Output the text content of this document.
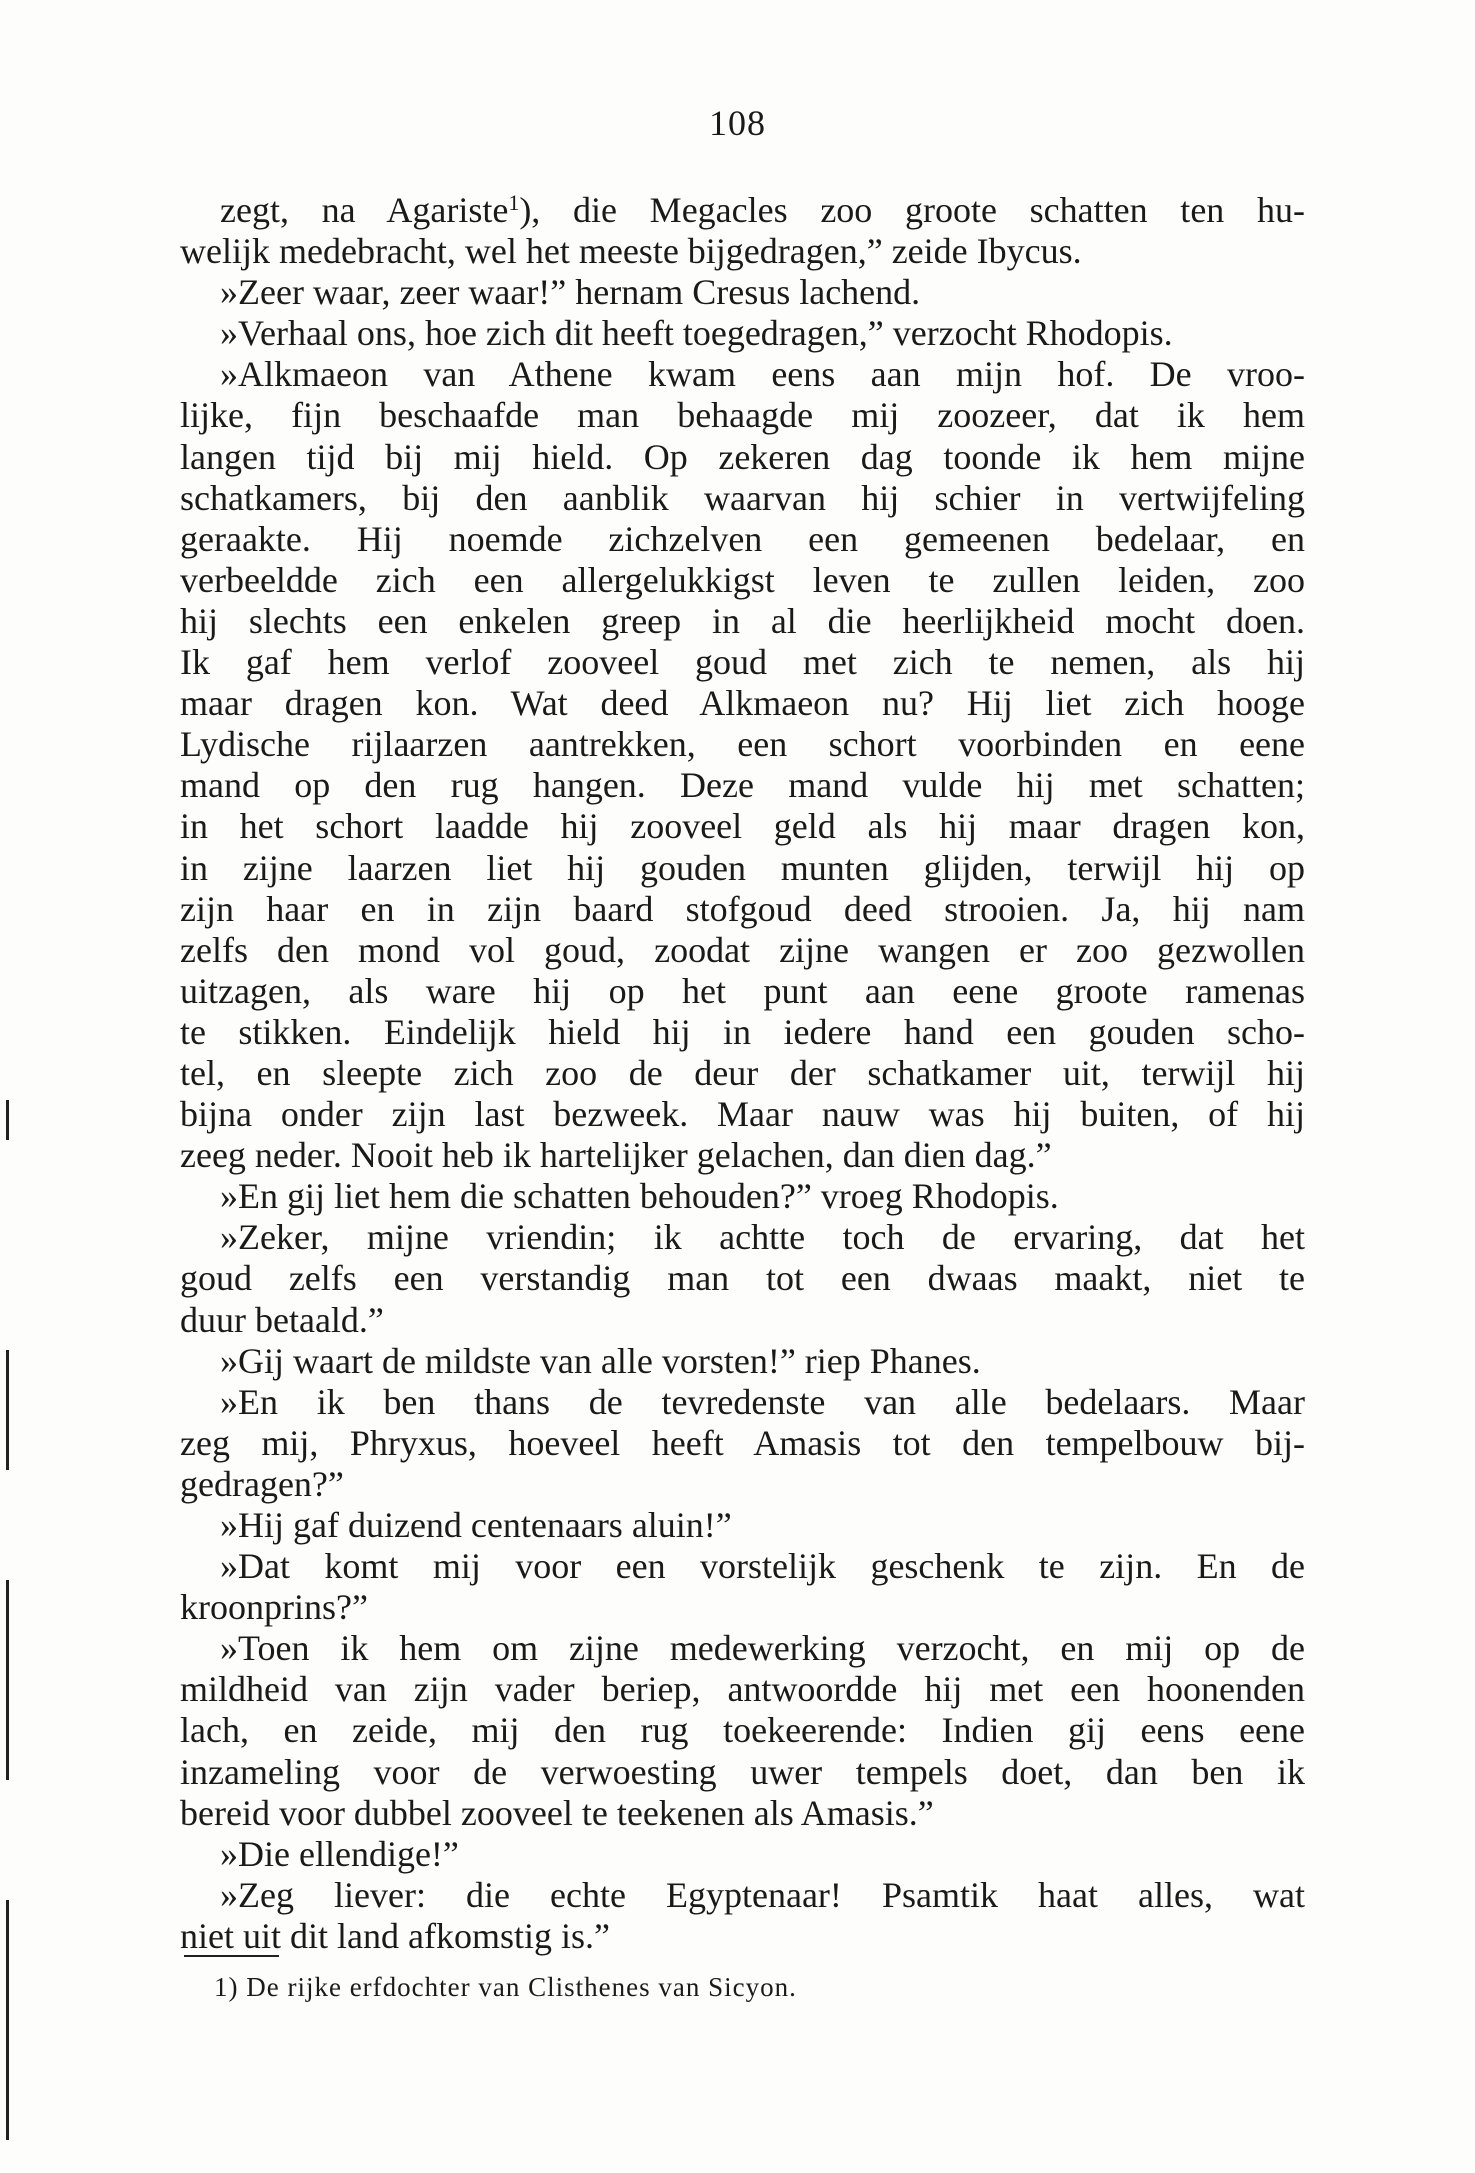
108
zegt, na Agariste$^1$), die Megacles zoo groote schatten ten hu-
welijk medebracht, wel het meeste bijgedragen,” zeide Ibycus.
»Zeer waar, zeer waar!” hernam Cresus lachend.
»Verhaal ons, hoe zich dit heeft toegedragen,” verzocht Rhodopis.
»Alkmaeon van Athene kwam eens aan mijn hof. De vroo-
lijke, fijn beschaafde man behaagde mij zoozeer, dat ik hem
langen tijd bij mij hield. Op zekeren dag toonde ik hem mijne
schatkamers, bij den aanblik waarvan hij schier in vertwijfeling
geraakte. Hij noemde zichzelven een gemeenen bedelaar, en
verbeeldde zich een allergelukkigst leven te zullen leiden, zoo
hij slechts een enkelen greep in al die heerlijkheid mocht doen.
Ik gaf hem verlof zooveel goud met zich te nemen, als hij
maar dragen kon. Wat deed Alkmaeon nu? Hij liet zich hooge
Lydische rijlaarzen aantrekken, een schort voorbinden en eene
mand op den rug hangen. Deze mand vulde hij met schatten;
in het schort laadde hij zooveel geld als hij maar dragen kon,
in zijne laarzen liet hij gouden munten glijden, terwijl hij op
zijn haar en in zijn baard stofgoud deed strooien. Ja, hij nam
zelfs den mond vol goud, zoodat zijne wangen er zoo gezwollen
uitzagen, als ware hij op het punt aan eene groote ramenas
te stikken. Eindelijk hield hij in iedere hand een gouden scho-
tel, en sleepte zich zoo de deur der schatkamer uit, terwijl hij
bijna onder zijn last bezweek. Maar nauw was hij buiten, of hij
zeeg neder. Nooit heb ik hartelijker gelachen, dan dien dag.”
»En gij liet hem die schatten behouden?” vroeg Rhodopis.
»Zeker, mijne vriendin; ik achtte toch de ervaring, dat het
goud zelfs een verstandig man tot een dwaas maakt, niet te
duur betaald.”
»Gij waart de mildste van alle vorsten!” riep Phanes.
»En ik ben thans de tevredenste van alle bedelaars. Maar
zeg mij, Phryxus, hoeveel heeft Amasis tot den tempelbouw bij-
gedragen?”
»Hij gaf duizend centenaars aluin!”
»Dat komt mij voor een vorstelijk geschenk te zijn. En de
kroonprins?”
»Toen ik hem om zijne medewerking verzocht, en mij op de
mildheid van zijn vader beriep, antwoordde hij met een hoonenden
lach, en zeide, mij den rug toekeerende: Indien gij eens eene
inzameling voor de verwoesting uwer tempels doet, dan ben ik
bereid voor dubbel zooveel te teekenen als Amasis.”
»Die ellendige!”
»Zeg liever: die echte Egyptenaar! Psamtik haat alles, wat
niet uit dit land afkomstig is.”
1) De rijke erfdochter van Clisthenes van Sicyon.
